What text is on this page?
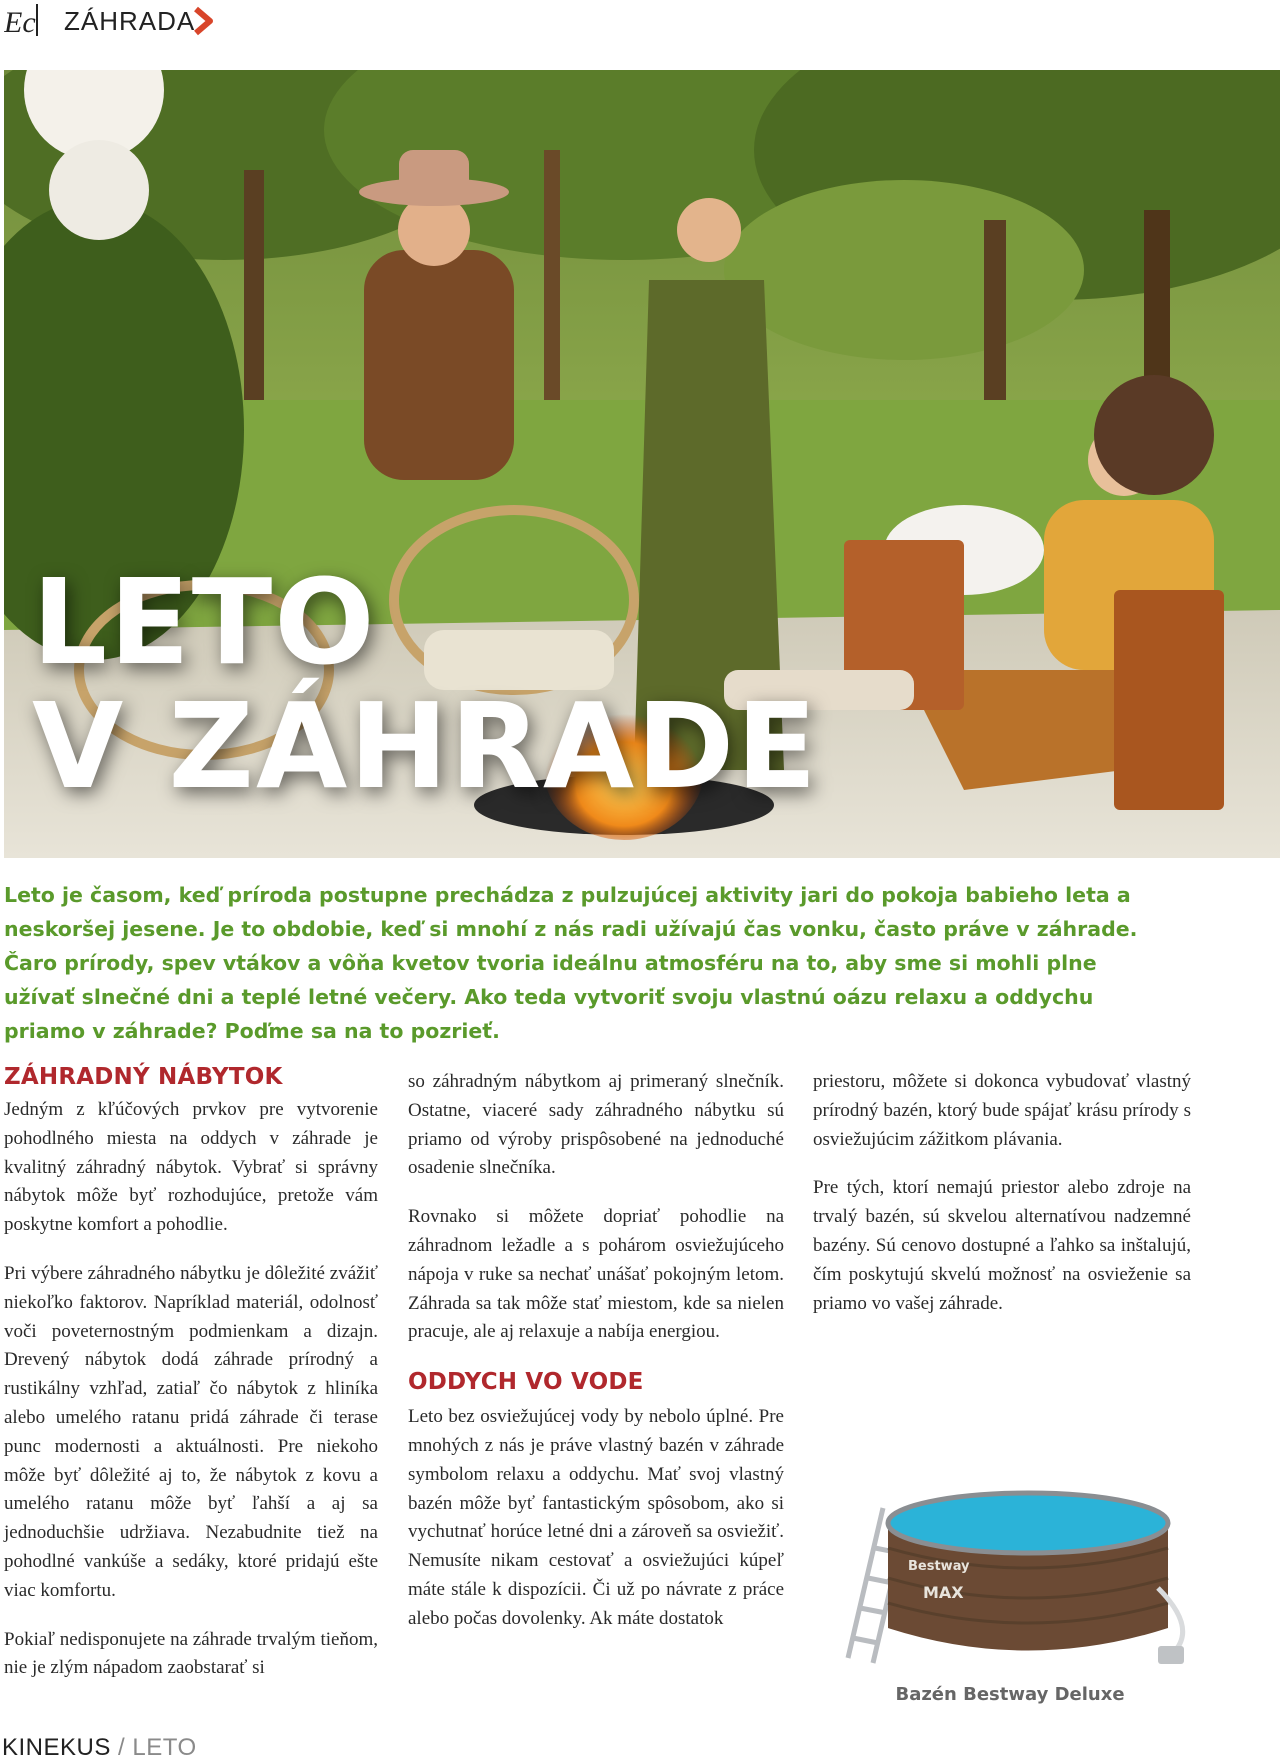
Ec ZÁHRADA
LETO
V ZÁHRADE
Leto je časom, keď príroda postupne prechádza z pulzujúcej aktivity jari do pokoja babieho leta a neskoršej jesene. Je to obdobie, keď si mnohí z nás radi užívajú čas vonku, často práve v záhrade. Čaro prírody, spev vtákov a vôňa kvetov tvoria ideálnu atmosféru na to, aby sme si mohli plne užívať slnečné dni a teplé letné večery. Ako teda vytvoriť svoju vlastnú oázu relaxu a oddychu priamo v záhrade? Poďme sa na to pozrieť.
ZÁHRADNÝ NÁBYTOK

Jedným z kľúčových prvkov pre vytvorenie pohodlného miesta na oddych v záhrade je kvalitný záhradný nábytok. Vybrať si správny nábytok môže byť rozhodujúce, pretože vám poskytne komfort a pohodlie.

Pri výbere záhradného nábytku je dôležité zvážiť niekoľko faktorov. Napríklad materiál, odolnosť voči poveternostným podmienkam a dizajn. Drevený nábytok dodá záhrade prírodný a rustikálny vzhľad, zatiaľ čo nábytok z hliníka alebo umelého ratanu pridá záhrade či terase punc modernosti a aktuálnosti. Pre niekoho môže byť dôležité aj to, že nábytok z kovu a umelého ratanu môže byť ľahší a aj sa jednoduchšie udržiava. Nezabudnite tiež na pohodlné vankúše a sedáky, ktoré pridajú ešte viac komfortu.

Pokiaľ nedisponujete na záhrade trvalým tieňom, nie je zlým nápadom zaobstarať si

so záhradným nábytkom aj primeraný slnečník. Ostatne, viaceré sady záhradného nábytku sú priamo od výroby prispôsobené na jednoduché osadenie slnečníka.

Rovnako si môžete dopriať pohodlie na záhradnom ležadle a s pohárom osviežujúceho nápoja v ruke sa nechať unášať pokojným letom. Záhrada sa tak môže stať miestom, kde sa nielen pracuje, ale aj relaxuje a nabíja energiou.

ODDYCH VO VODE

Leto bez osviežujúcej vody by nebolo úplné. Pre mnohých z nás je práve vlastný bazén v záhrade symbolom relaxu a oddychu. Mať svoj vlastný bazén môže byť fantastickým spôsobom, ako si vychutnať horúce letné dni a zároveň sa osviežiť. Nemusíte nikam cestovať a osviežujúci kúpeľ máte stále k dispozícii. Či už po návrate z práce alebo počas dovolenky. Ak máte dostatok

priestoru, môžete si dokonca vybudovať vlastný prírodný bazén, ktorý bude spájať krásu prírody s osviežujúcim zážitkom plávania.

Pre tých, ktorí nemajú priestor alebo zdroje na trvalý bazén, sú skvelou alternatívou nadzemné bazény. Sú cenovo dostupné a ľahko sa inštalujú, čím poskytujú skvelú možnosť na osvieženie sa priamo vo vašej záhrade.

Bestway
MAX
Bazén Bestway Deluxe
KINEKUS / LETO
